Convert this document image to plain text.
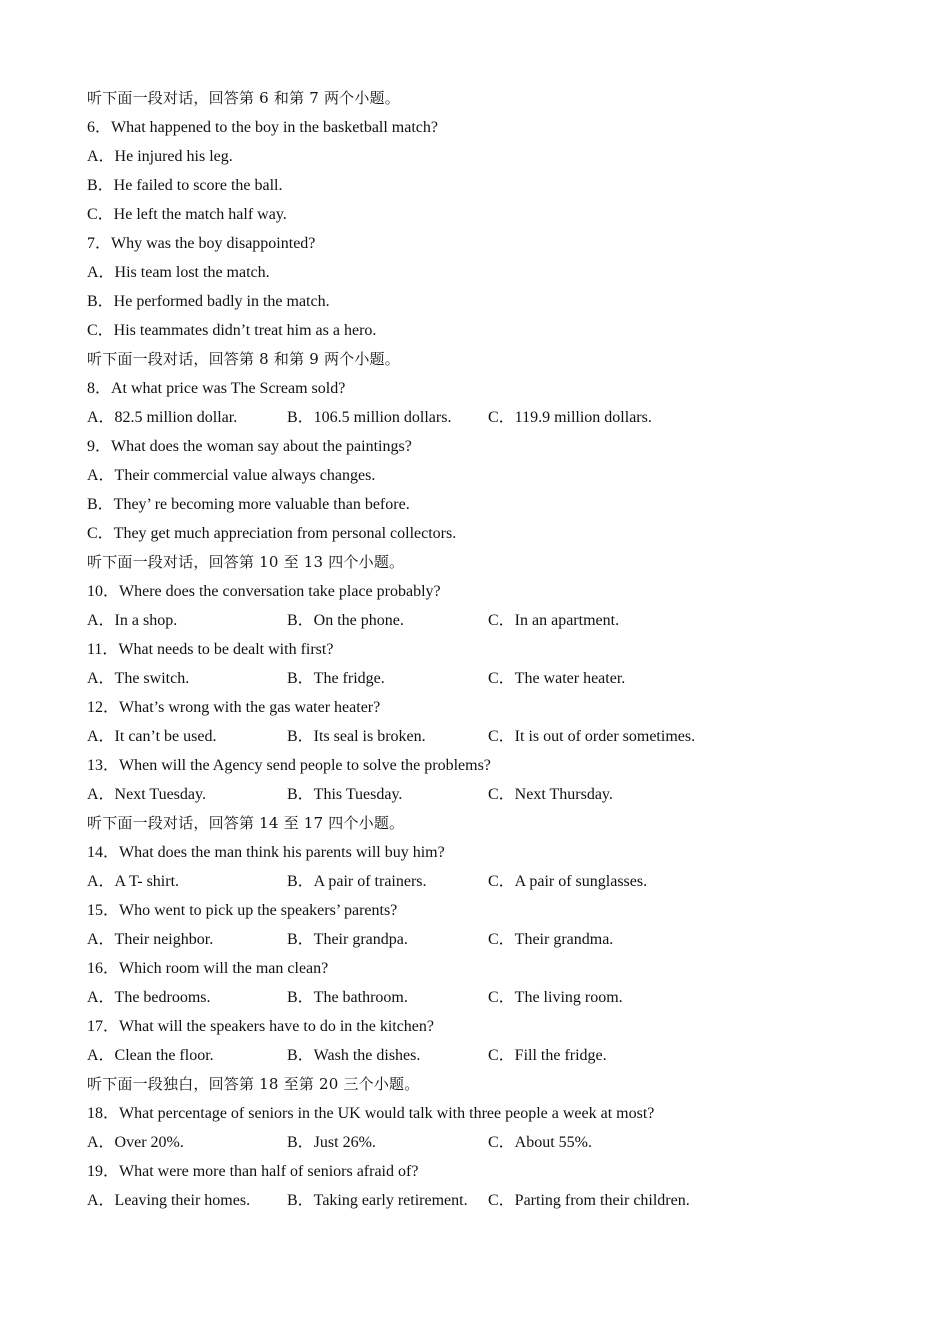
听下面一段对话，回答第 6 和第 7 两个小题。
6．What happened to the boy in the basketball match?
A．He injured his leg.
B．He failed to score the ball.
C．He left the match half way.
7．Why was the boy disappointed?
A．His team lost the match.
B．He performed badly in the match.
C．His teammates didn’t treat him as a hero.
听下面一段对话，回答第 8 和第 9 两个小题。
8．At what price was The Scream sold?
A．82.5 million dollar.	B．106.5 million dollars. C．119.9 million dollars.
9．What does the woman say about the paintings?
A．Their commercial value always changes.
B．They’ re becoming more valuable than before.
C．They get much appreciation from personal collectors.
听下面一段对话，回答第 10 至 13 四个小题。
10．Where does the conversation take place probably?
A．In a shop.	B．On the phone.	C．In an apartment.
11．What needs to be dealt with first?
A．The switch.	B．The fridge.	C．The water heater.
12．What’s wrong with the gas water heater?
A．It can’t be used.	B．Its seal is broken.	C．It is out of order sometimes.
13．When will the Agency send people to solve the problems?
A．Next Tuesday.	B．This Tuesday.	C．Next Thursday.
听下面一段对话，回答第 14 至 17 四个小题。
14．What does the man think his parents will buy him?
A．A T- shirt.	B．A pair of trainers.	C．A pair of sunglasses.
15．Who went to pick up the speakers’ parents?
A．Their neighbor.	B．Their grandpa.	C．Their grandma.
16．Which room will the man clean?
A．The bedrooms.	B．The bathroom.	C．The living room.
17．What will the speakers have to do in the kitchen?
A．Clean the floor.	B．Wash the dishes.	C．Fill the fridge.
听下面一段独白，回答第 18 至第 20 三个小题。
18．What percentage of seniors in the UK would talk with three people a week at most?
A．Over 20%.	B．Just 26%.	C．About 55%.
19．What were more than half of seniors afraid of?
A．Leaving their homes. B．Taking early retirement. C．Parting from their children.
